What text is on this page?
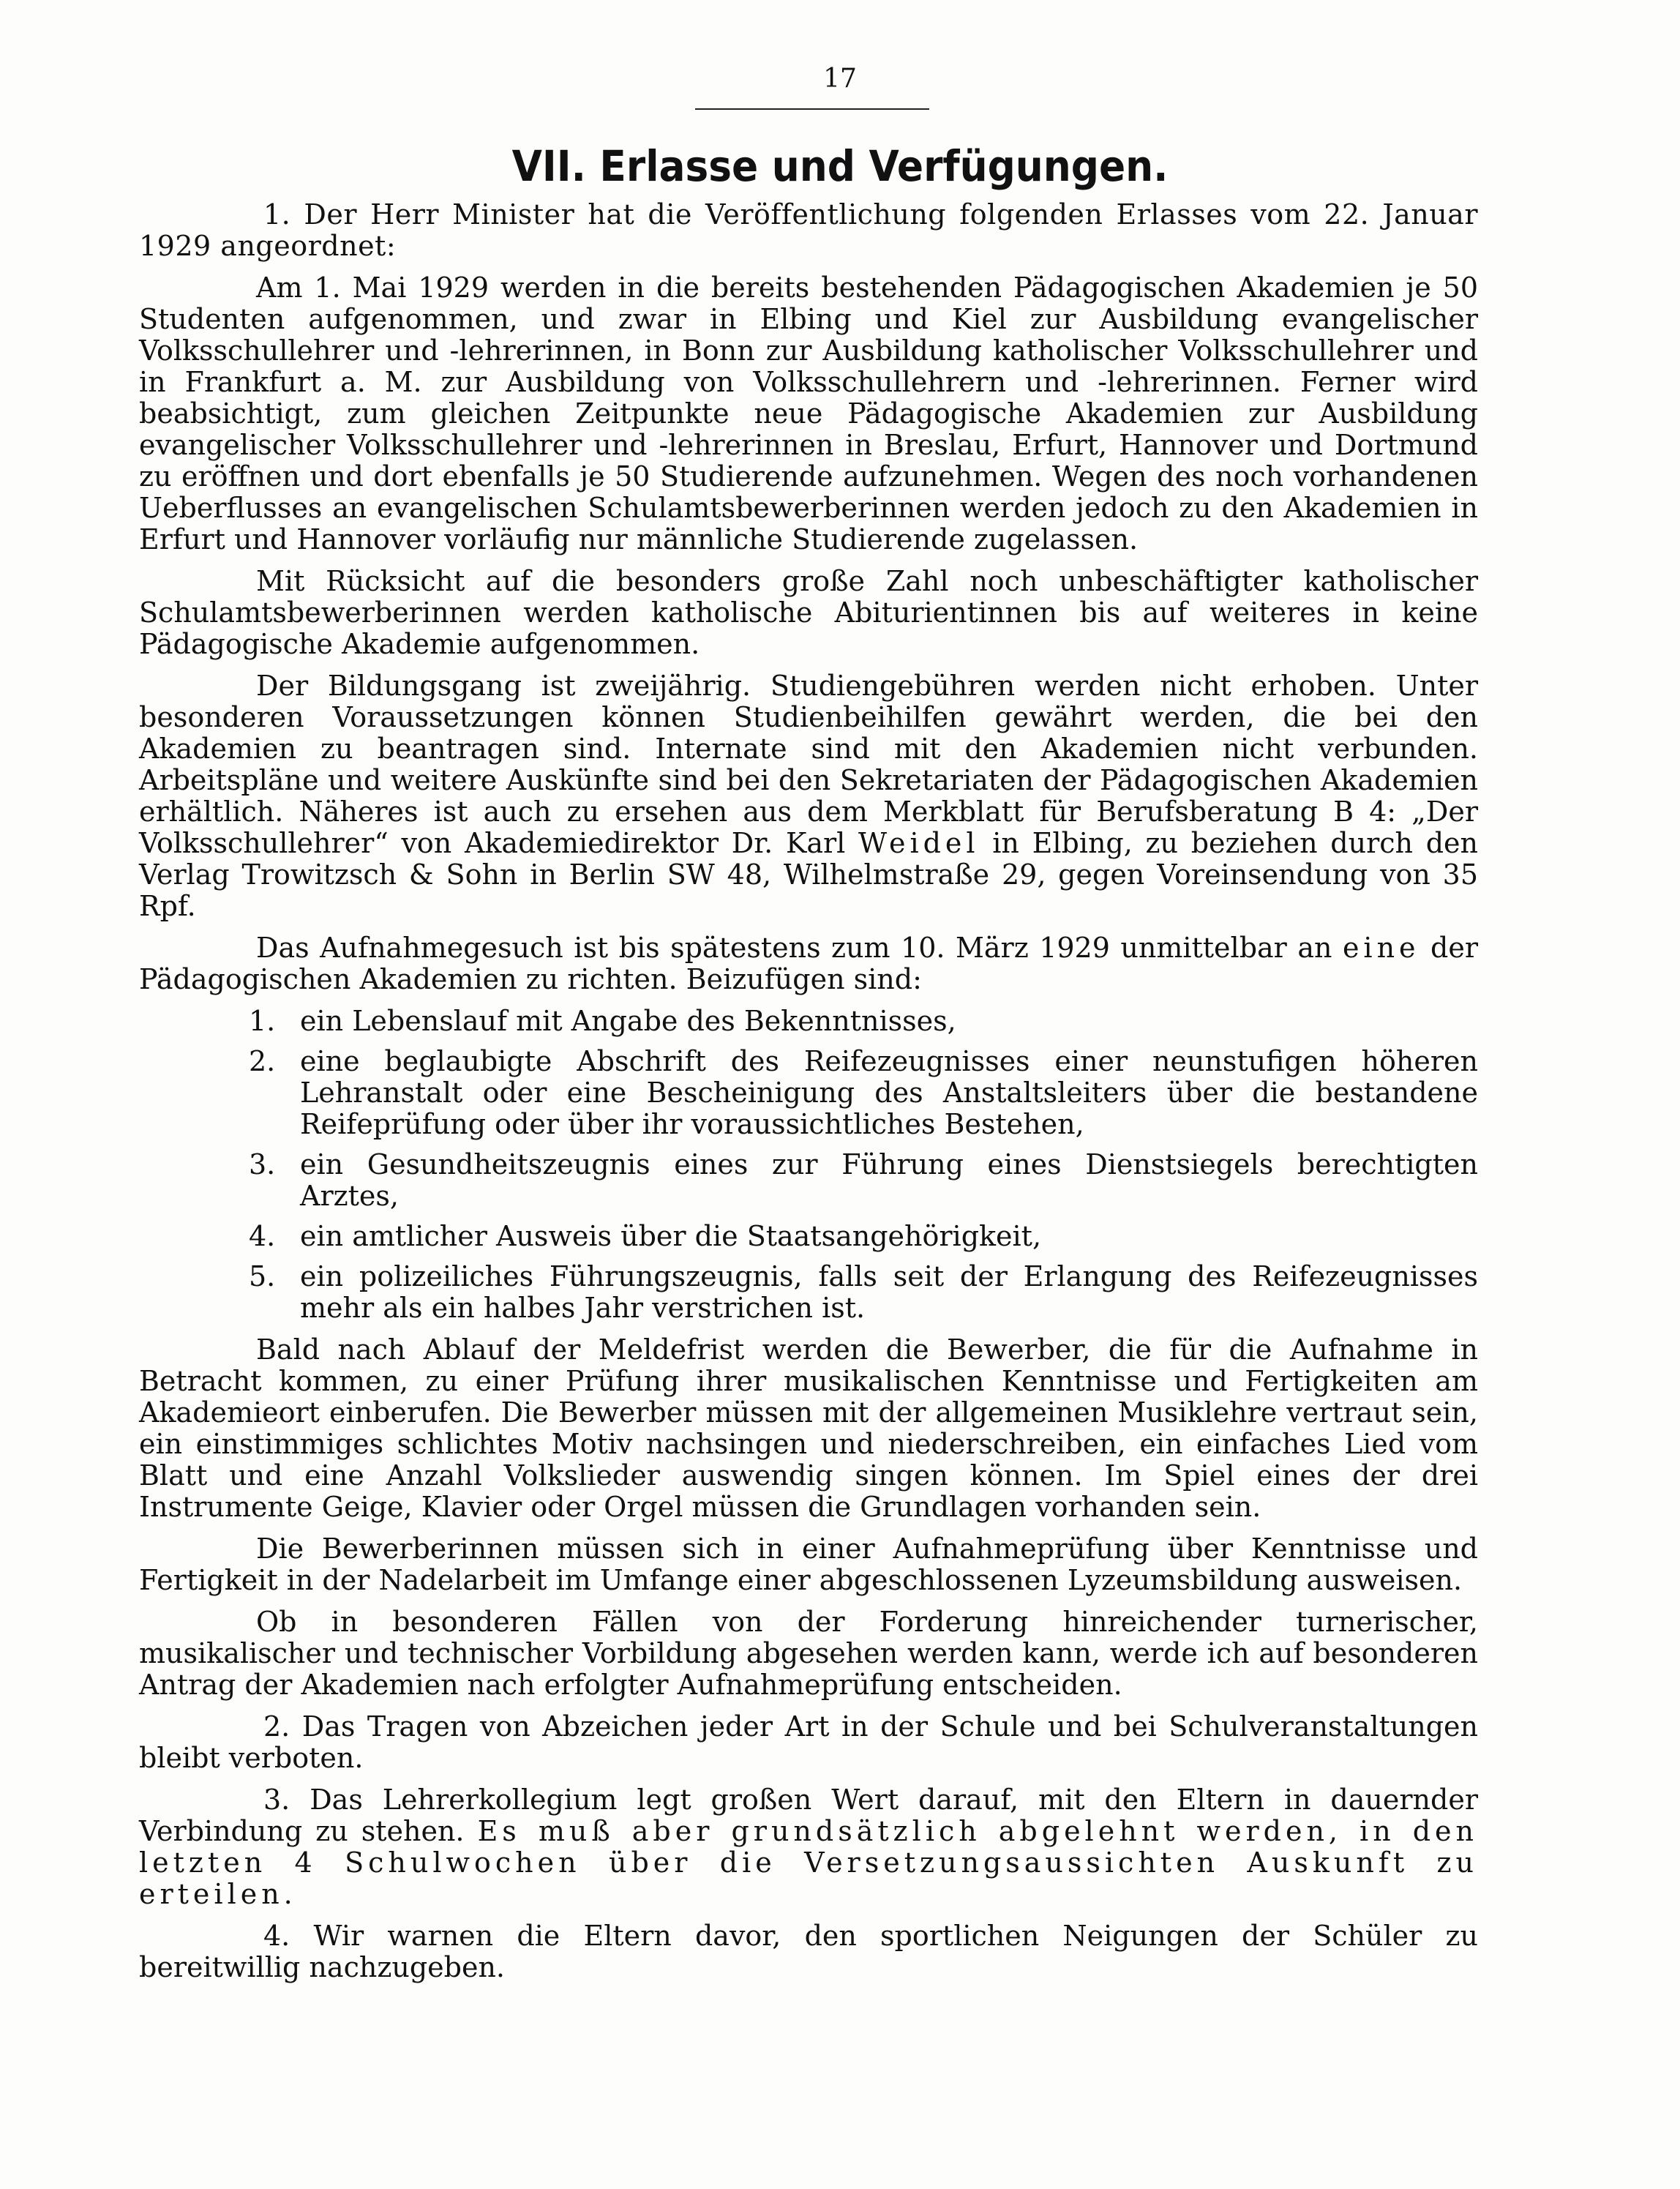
17
VII. Erlasse und Verfügungen.

1. Der Herr Minister hat die Veröffentlichung folgenden Erlasses vom 22. Januar 1929 angeordnet:

Am 1. Mai 1929 werden in die bereits bestehenden Pädagogischen Akademien je 50 Studenten aufgenommen, und zwar in Elbing und Kiel zur Ausbildung evangelischer Volksschullehrer und -lehrerinnen, in Bonn zur Ausbildung katholischer Volksschullehrer und in Frankfurt a. M. zur Ausbildung von Volksschullehrern und -lehrerinnen. Ferner wird beabsichtigt, zum gleichen Zeitpunkte neue Pädagogische Akademien zur Ausbildung evangelischer Volksschullehrer und -lehrerinnen in Breslau, Erfurt, Hannover und Dortmund zu eröffnen und dort ebenfalls je 50 Studierende aufzunehmen. Wegen des noch vorhandenen Ueberflusses an evangelischen Schulamtsbewerberinnen werden jedoch zu den Akademien in Erfurt und Hannover vorläufig nur männliche Studierende zugelassen.

Mit Rücksicht auf die besonders große Zahl noch unbeschäftigter katholischer Schulamtsbewerberinnen werden katholische Abiturientinnen bis auf weiteres in keine Pädagogische Akademie aufgenommen.

Der Bildungsgang ist zweijährig. Studiengebühren werden nicht erhoben. Unter besonderen Voraussetzungen können Studienbeihilfen gewährt werden, die bei den Akademien zu beantragen sind. Internate sind mit den Akademien nicht verbunden. Arbeitspläne und weitere Auskünfte sind bei den Sekretariaten der Pädagogischen Akademien erhältlich. Näheres ist auch zu ersehen aus dem Merkblatt für Berufsberatung B 4: „Der Volksschullehrer“ von Akademiedirektor Dr. Karl Weidel in Elbing, zu beziehen durch den Verlag Trowitzsch & Sohn in Berlin SW 48, Wilhelmstraße 29, gegen Voreinsendung von 35 Rpf.

Das Aufnahmegesuch ist bis spätestens zum 10. März 1929 unmittelbar an eine der Pädagogischen Akademien zu richten. Beizufügen sind:

1. ein Lebenslauf mit Angabe des Bekenntnisses,
2. eine beglaubigte Abschrift des Reifezeugnisses einer neunstufigen höheren Lehranstalt oder eine Bescheinigung des Anstaltsleiters über die bestandene Reifeprüfung oder über ihr voraussichtliches Bestehen,
3. ein Gesundheitszeugnis eines zur Führung eines Dienstsiegels berechtigten Arztes,
4. ein amtlicher Ausweis über die Staatsangehörigkeit,
5. ein polizeiliches Führungszeugnis, falls seit der Erlangung des Reifezeugnisses mehr als ein halbes Jahr verstrichen ist.

Bald nach Ablauf der Meldefrist werden die Bewerber, die für die Aufnahme in Betracht kommen, zu einer Prüfung ihrer musikalischen Kenntnisse und Fertigkeiten am Akademieort einberufen. Die Bewerber müssen mit der allgemeinen Musiklehre vertraut sein, ein einstimmiges schlichtes Motiv nachsingen und niederschreiben, ein einfaches Lied vom Blatt und eine Anzahl Volkslieder auswendig singen können. Im Spiel eines der drei Instrumente Geige, Klavier oder Orgel müssen die Grundlagen vorhanden sein.

Die Bewerberinnen müssen sich in einer Aufnahmeprüfung über Kenntnisse und Fertigkeit in der Nadelarbeit im Umfange einer abgeschlossenen Lyzeumsbildung ausweisen.

Ob in besonderen Fällen von der Forderung hinreichender turnerischer, musikalischer und technischer Vorbildung abgesehen werden kann, werde ich auf besonderen Antrag der Akademien nach erfolgter Aufnahmeprüfung entscheiden.

2. Das Tragen von Abzeichen jeder Art in der Schule und bei Schulveranstaltungen bleibt verboten.

3. Das Lehrerkollegium legt großen Wert darauf, mit den Eltern in dauernder Verbindung zu stehen. Es muß aber grundsätzlich abgelehnt werden, in den letzten 4 Schulwochen über die Versetzungsaussichten Auskunft zu erteilen.

4. Wir warnen die Eltern davor, den sportlichen Neigungen der Schüler zu bereitwillig nachzugeben.
